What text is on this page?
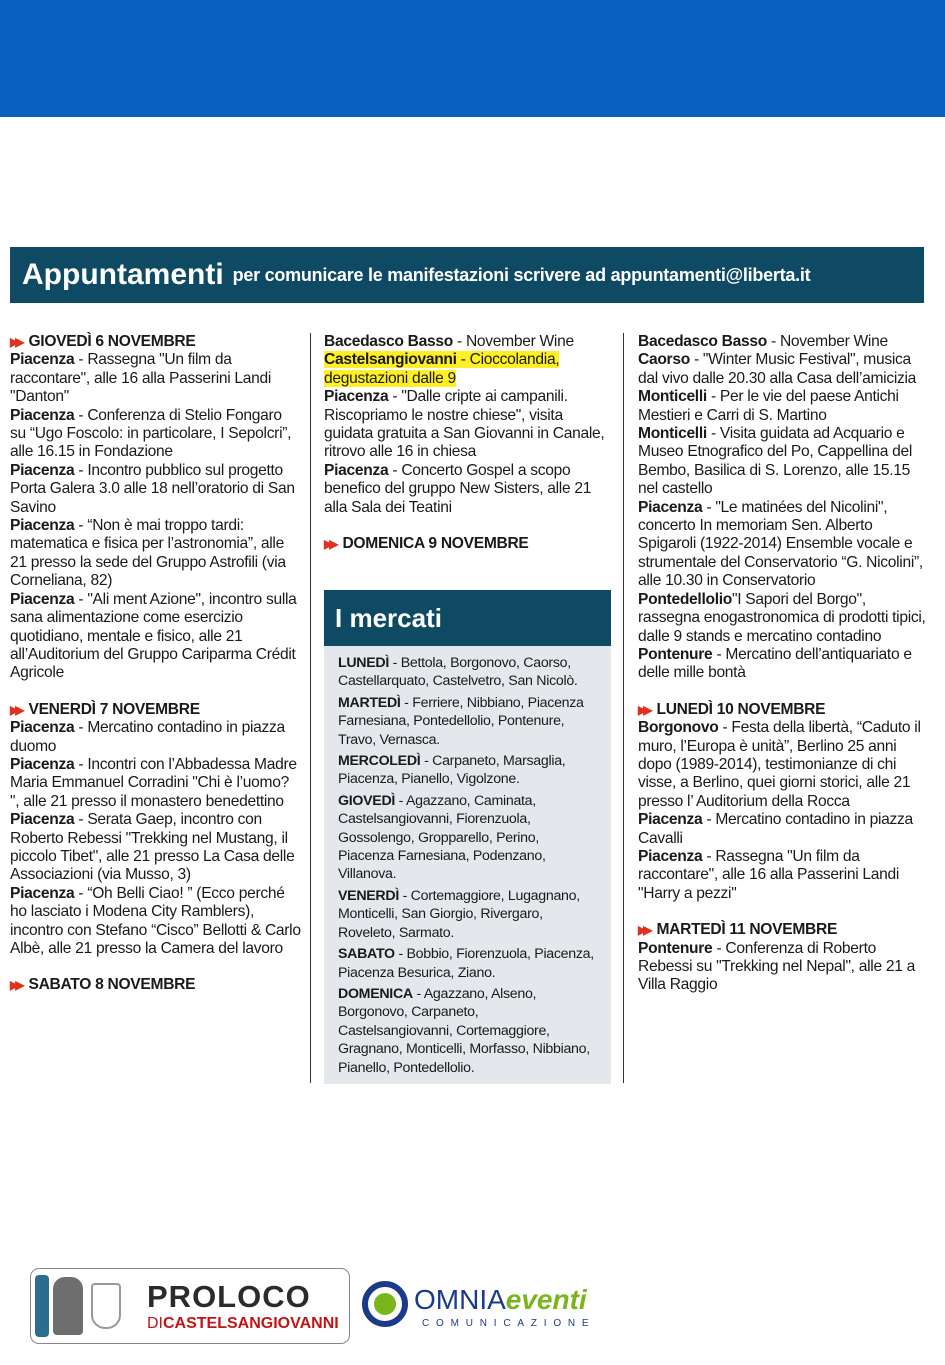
Appuntamenti per comunicare le manifestazioni scrivere ad appuntamenti@liberta.it

▶▶ GIOVEDÌ 6 NOVEMBRE

Piacenza - Rassegna "Un film da raccontare", alle 16 alla Passerini Landi "Danton"

Piacenza - Conferenza di Stelio Fongaro su “Ugo Foscolo: in particolare, I Sepolcri”, alle 16.15 in Fondazione

Piacenza - Incontro pubblico sul progetto Porta Galera 3.0 alle 18 nell’oratorio di San Savino

Piacenza - “Non è mai troppo tardi: matematica e fisica per l’astronomia”, alle 21 presso la sede del Gruppo Astrofili (via Corneliana, 82)

Piacenza - "Ali ment Azione", incontro sulla sana alimentazione come esercizio quotidiano, mentale e fisico, alle 21 all’Auditorium del Gruppo Cariparma Crédit Agricole

▶▶ VENERDÌ 7 NOVEMBRE

Piacenza - Mercatino contadino in piazza duomo

Piacenza - Incontri con l’Abbadessa Madre Maria Emmanuel Corradini "Chi è l’uomo? ", alle 21 presso il monastero benedettino

Piacenza - Serata Gaep, incontro con Roberto Rebessi "Trekking nel Mustang, il piccolo Tibet", alle 21 presso La Casa delle Associazioni (via Musso, 3)

Piacenza - “Oh Belli Ciao! ” (Ecco perché ho lasciato i Modena City Ramblers), incontro con Stefano “Cisco” Bellotti & Carlo Albè, alle 21 presso la Camera del lavoro

▶▶ SABATO 8 NOVEMBRE

Bacedasco Basso - November Wine

Castelsangiovanni - Cioccolandia, degustazioni dalle 9

Piacenza - "Dalle cripte ai campanili. Riscopriamo le nostre chiese", visita guidata gratuita a San Giovanni in Canale, ritrovo alle 16 in chiesa

Piacenza - Concerto Gospel a scopo benefico del gruppo New Sisters, alle 21 alla Sala dei Teatini

▶▶ DOMENICA 9 NOVEMBRE

I mercati

LUNEDÌ - Bettola, Borgonovo, Caorso, Castellarquato, Castelvetro, San Nicolò.

MARTEDÌ - Ferriere, Nibbiano, Piacenza Farnesiana, Pontedellolio, Pontenure, Travo, Vernasca.

MERCOLEDÌ - Carpaneto, Marsaglia, Piacenza, Pianello, Vigolzone.

GIOVEDÌ - Agazzano, Caminata, Castelsangiovanni, Fiorenzuola, Gossolengo, Gropparello, Perino, Piacenza Farnesiana, Podenzano, Villanova.

VENERDÌ - Cortemaggiore, Lugagnano, Monticelli, San Giorgio, Rivergaro, Roveleto, Sarmato.

SABATO - Bobbio, Fiorenzuola, Piacenza, Piacenza Besurica, Ziano.

DOMENICA - Agazzano, Alseno, Borgonovo, Carpaneto, Castelsangiovanni, Cortemaggiore, Gragnano, Monticelli, Morfasso, Nibbiano, Pianello, Pontedellolio.

Bacedasco Basso - November Wine

Caorso - "Winter Music Festival", musica dal vivo dalle 20.30 alla Casa dell’amicizia

Monticelli - Per le vie del paese Antichi Mestieri e Carri di S. Martino

Monticelli - Visita guidata ad Acquario e Museo Etnografico del Po, Cappellina del Bembo, Basilica di S. Lorenzo, alle 15.15 nel castello

Piacenza - "Le matinées del Nicolini", concerto In memoriam Sen. Alberto Spigaroli (1922-2014) Ensemble vocale e strumentale del Conservatorio “G. Nicolini”, alle 10.30 in Conservatorio

Pontedellolio"I Sapori del Borgo", rassegna enogastronomica di prodotti tipici, dalle 9 stands e mercatino contadino

Pontenure - Mercatino dell’antiquariato e delle mille bontà

▶▶ LUNEDÌ 10 NOVEMBRE

Borgonovo - Festa della libertà, “Caduto il muro, l’Europa è unità”, Berlino 25 anni dopo (1989-2014), testimonianze di chi visse, a Berlino, quei giorni storici, alle 21 presso l’ Auditorium della Rocca

Piacenza - Mercatino contadino in piazza Cavalli

Piacenza - Rassegna "Un film da raccontare", alle 16 alla Passerini Landi "Harry a pezzi"

▶▶ MARTEDÌ 11 NOVEMBRE

Pontenure - Conferenza di Roberto Rebessi su "Trekking nel Nepal", alle 21 a Villa Raggio

PROLOCO
DICASTELSANGIOVANNI
OMNIAeventi
COMUNICAZIONE
